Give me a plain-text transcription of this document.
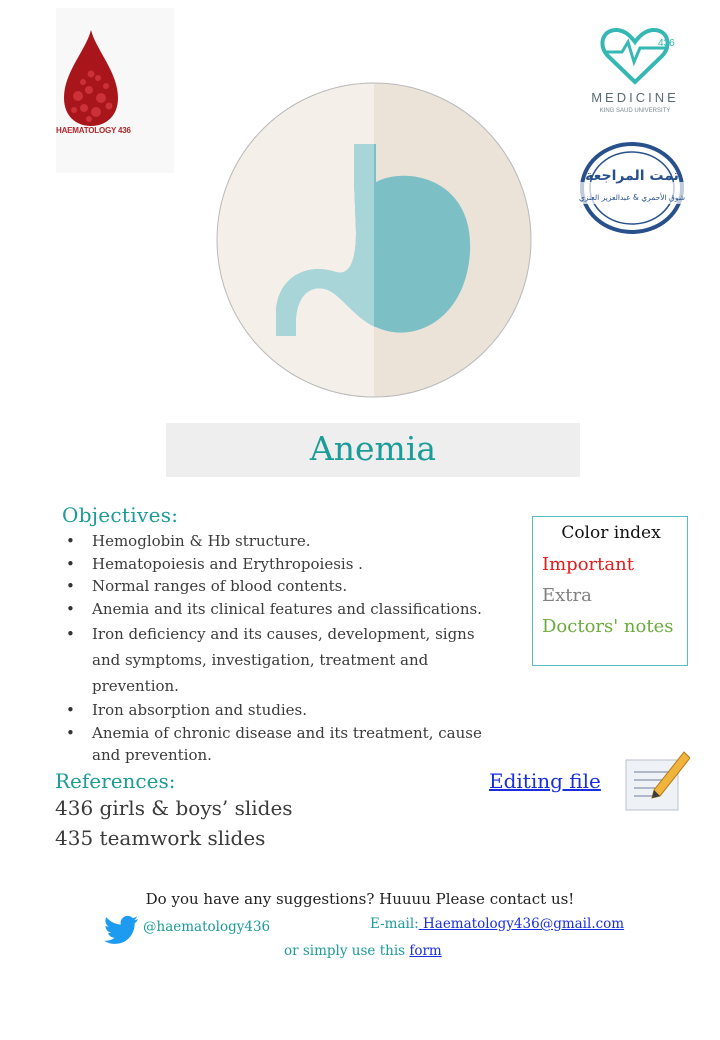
HAEMATOLOGY 436
436
MEDICINE
KING SAUD UNIVERSITY
تمت المراجعة
شوق الأحمري & عبدالعزيز العنزي
Anemia
Objectives:
• Hemoglobin & Hb structure.
• Hematopoiesis and Erythropoiesis .
• Normal ranges of blood contents.
• Anemia and its clinical features and classifications.
• Iron deficiency and its causes, development, signs and symptoms, investigation, treatment and prevention.
• Iron absorption and studies.
• Anemia of chronic disease and its treatment, cause and prevention.
Color index
Important
Extra
Doctors' notes
References:
436 girls & boys’ slides
435 teamwork slides
Editing file
Do you have any suggestions? Huuuu Please contact us!
@haematology436	E-mail: Haematology436@gmail.com
or simply use this form
